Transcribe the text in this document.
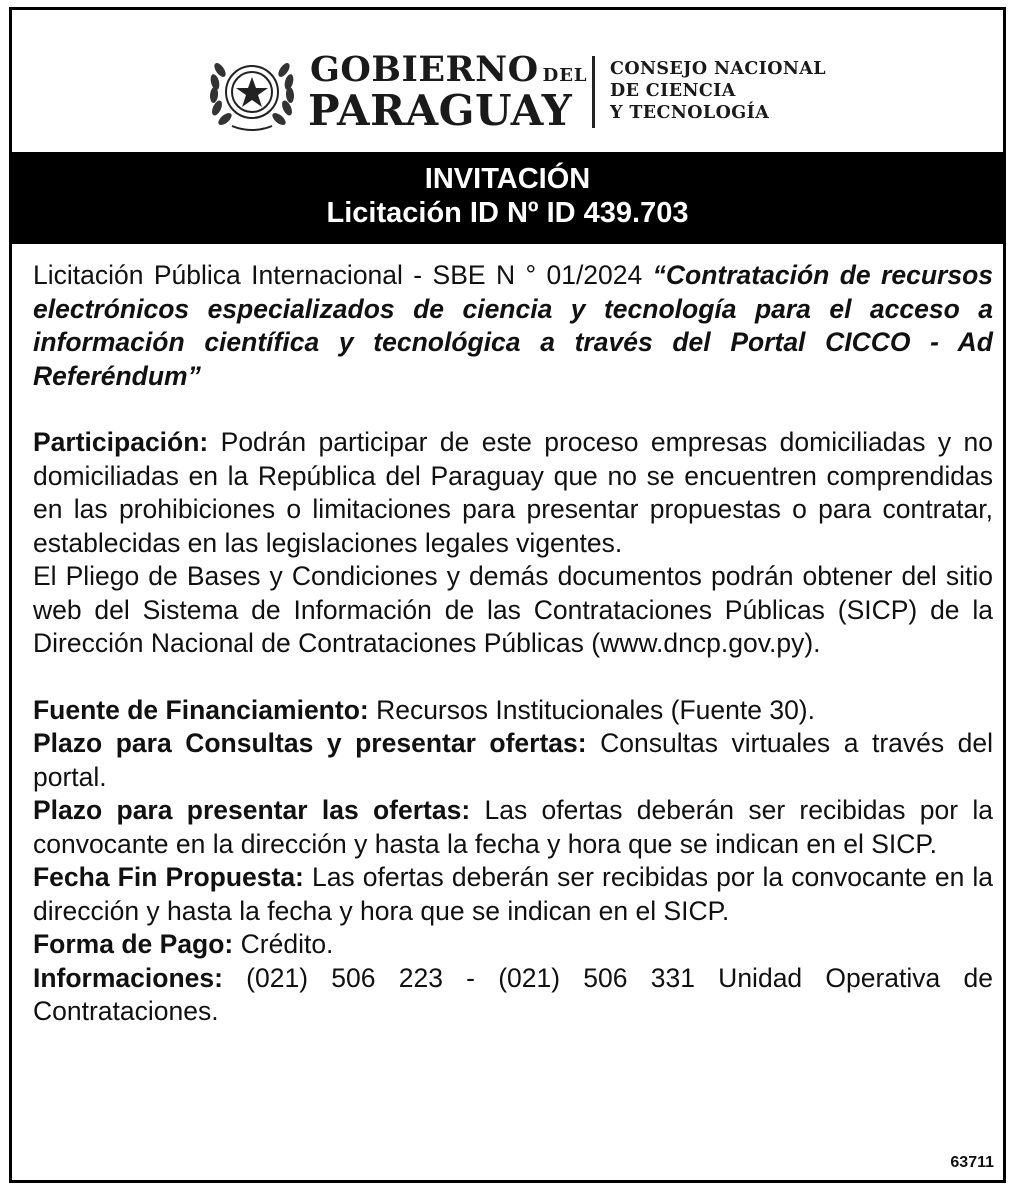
GOBIERNO DEL
PARAGUAY
CONSEJO NACIONAL
DE CIENCIA
Y TECNOLOGÍA
INVITACIÓN
Licitación ID Nº ID 439.703

Licitación Pública Internacional - SBE N ° 01/2024 “Contratación de recursos electrónicos especializados de ciencia y tecnología para el acceso a información científica y tecnológica a través del Portal CICCO - Ad Referéndum”

Participación: Podrán participar de este proceso empresas domiciliadas y no domiciliadas en la República del Paraguay que no se encuentren comprendidas en las prohibiciones o limitaciones para presentar propuestas o para contratar, establecidas en las legislaciones legales vigentes.

El Pliego de Bases y Condiciones y demás documentos podrán obtener del sitio web del Sistema de Información de las Contrataciones Públicas (SICP) de la Dirección Nacional de Contrataciones Públicas (www.dncp.gov.py).

Fuente de Financiamiento: Recursos Institucionales (Fuente 30).

Plazo para Consultas y presentar ofertas: Consultas virtuales a través del portal.

Plazo para presentar las ofertas: Las ofertas deberán ser recibidas por la convocante en la dirección y hasta la fecha y hora que se indican en el SICP.

Fecha Fin Propuesta: Las ofertas deberán ser recibidas por la convocante en la dirección y hasta la fecha y hora que se indican en el SICP.

Forma de Pago: Crédito.

Informaciones: (021) 506 223 - (021) 506 331 Unidad Operativa de Contrataciones.

63711
